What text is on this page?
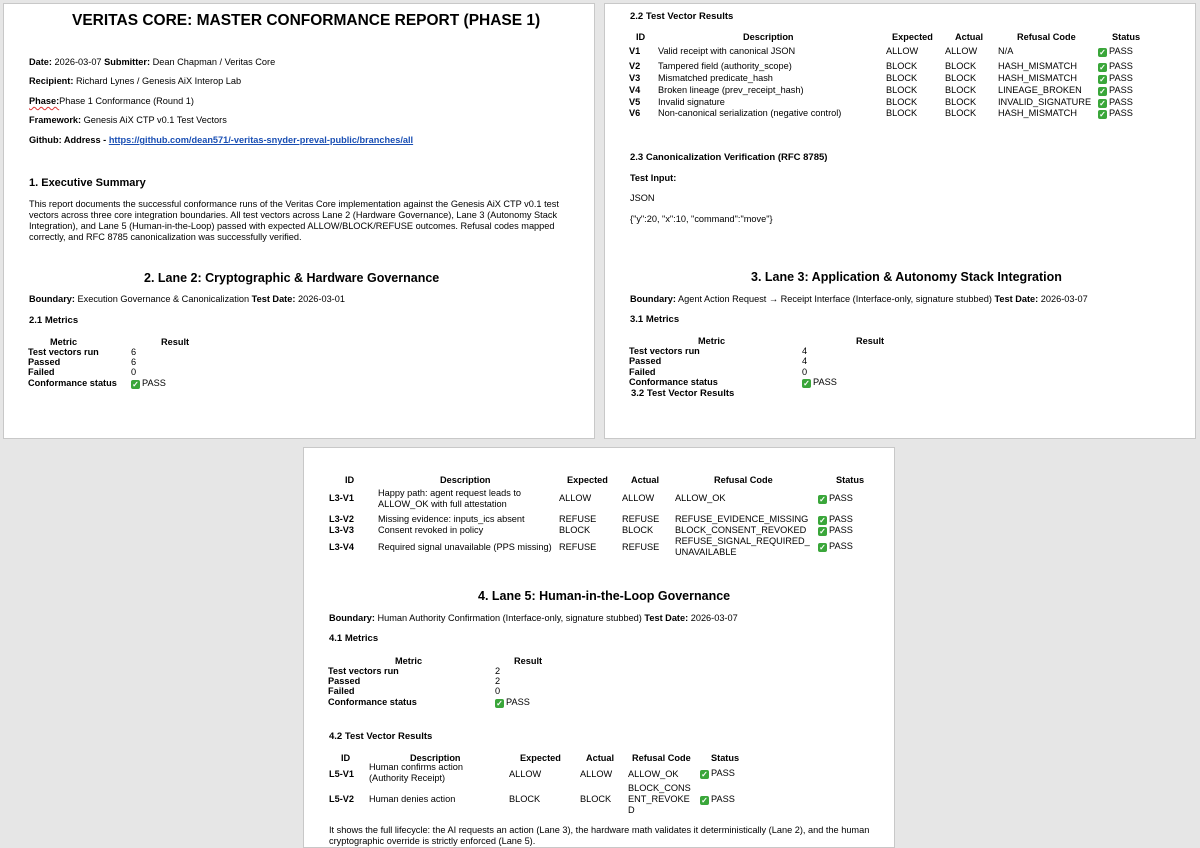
VERITAS CORE: MASTER CONFORMANCE REPORT (PHASE 1)
Date: 2026-03-07 Submitter: Dean Chapman / Veritas Core
Recipient: Richard Lynes / Genesis AiX Interop Lab
Phase:Phase 1 Conformance (Round 1)
Framework: Genesis AiX CTP v0.1 Test Vectors
Github: Address - https://github.com/dean571/-veritas-snyder-preval-public/branches/all
1. Executive Summary
This report documents the successful conformance runs of the Veritas Core implementation against the Genesis AiX CTP v0.1 test vectors across three core integration boundaries. All test vectors across Lane 2 (Hardware Governance), Lane 3 (Autonomy Stack Integration), and Lane 5 (Human-in-the-Loop) passed with expected ALLOW/BLOCK/REFUSE outcomes. Refusal codes mapped correctly, and RFC 8785 canonicalization was successfully verified.
2. Lane 2: Cryptographic & Hardware Governance
Boundary: Execution Governance & Canonicalization Test Date: 2026-03-01
2.1 Metrics
Metric	Result
Test vectors run	6
Passed	6
Failed	0
Conformance status ✓ PASS
2.2 Test Vector Results
ID	Description	Expected Actual	Refusal Code	Status
V1 Valid receipt with canonical JSON	ALLOW	ALLOW N/A	✓ PASS
V2 Tampered field (authority_scope)	BLOCK	BLOCK HASH_MISMATCH	✓ PASS
V3 Mismatched predicate_hash	BLOCK	BLOCK HASH_MISMATCH	✓ PASS
V4 Broken lineage (prev_receipt_hash)	BLOCK	BLOCK LINEAGE_BROKEN ✓ PASS
V5 Invalid signature	BLOCK	BLOCK INVALID_SIGNATURE ✓ PASS
V6 Non-canonical serialization (negative control)	BLOCK	BLOCK HASH_MISMATCH	✓ PASS
2.3 Canonicalization Verification (RFC 8785)
Test Input:
JSON
{"y":20, "x":10, "command":"move"}
3. Lane 3: Application & Autonomy Stack Integration
Boundary: Agent Action Request → Receipt Interface (Interface-only, signature stubbed) Test Date: 2026-03-07
3.1 Metrics
Metric	Result
Test vectors run	4
Passed	4
Failed	0
Conformance status	✓ PASS
3.2 Test Vector Results
ID	Description	Expected	Actual	Refusal Code	Status
L3-V1	Happy path: agent request leads to
ALLOW_OK with full attestation
ALLOW	ALLOW ALLOW_OK	✓ PASS
L3-V2	Missing evidence: inputs_ics absent	REFUSE	REFUSE REFUSE_EVIDENCE_MISSING ✓ PASS
L3-V3	Consent revoked in policy	BLOCK	BLOCK BLOCK_CONSENT_REVOKED ✓ PASS
L3-V4	Required signal unavailable (PPS missing) REFUSE	REFUSE
REFUSE_SIGNAL_REQUIRED_
UNAVAILABLE	✓ PASS
4. Lane 5: Human-in-the-Loop Governance
Boundary: Human Authority Confirmation (Interface-only, signature stubbed) Test Date: 2026-03-07
4.1 Metrics
Metric	Result
Test vectors run	2
Passed	2
Failed	0
Conformance status	✓ PASS
4.2 Test Vector Results
ID	Description	Expected	Actual Refusal Code Status
L5-V1
Human confirms action
(Authority Receipt)	ALLOW	ALLOW ALLOW_OK	✓ PASS
L5-V2 Human denies action	BLOCK	BLOCK
BLOCK_CONS
ENT_REVOKE
D
✓ PASS
It shows the full lifecycle: the AI requests an action (Lane 3), the hardware math validates it deterministically (Lane 2), and the human cryptographic override is strictly enforced (Lane 5).
